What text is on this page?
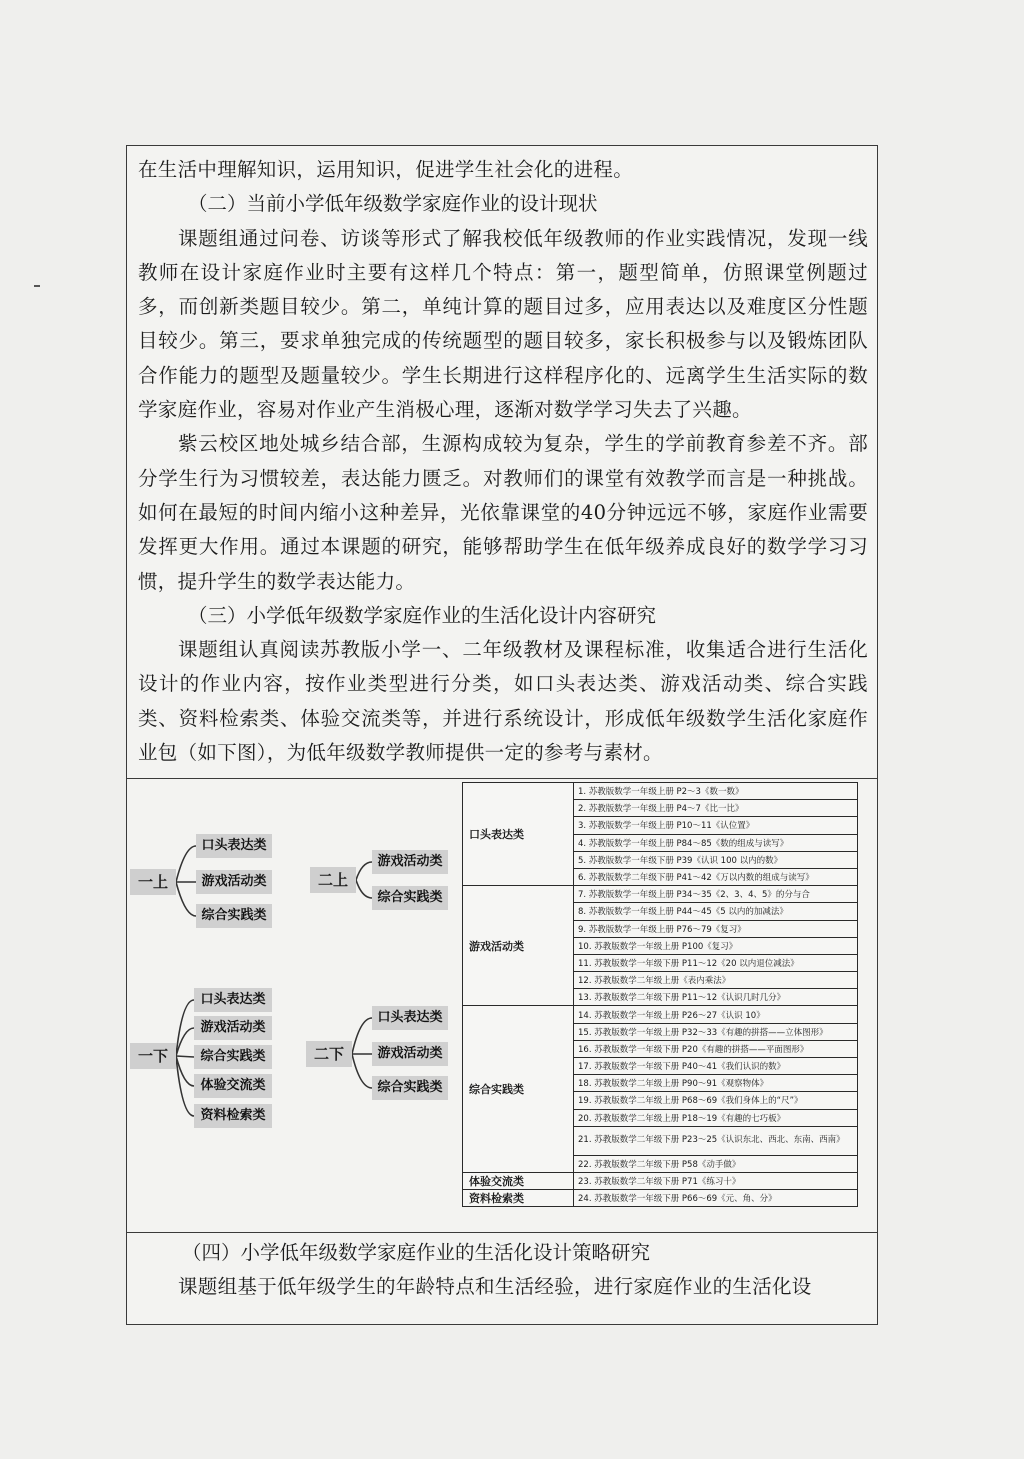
在生活中理解知识，运用知识，促进学生社会化的进程。

（二）当前小学低年级数学家庭作业的设计现状

课题组通过问卷、访谈等形式了解我校低年级教师的作业实践情况，发现一线教师在设计家庭作业时主要有这样几个特点：第一，题型简单，仿照课堂例题过多，而创新类题目较少。第二，单纯计算的题目过多，应用表达以及难度区分性题目较少。第三，要求单独完成的传统题型的题目较多，家长积极参与以及锻炼团队合作能力的题型及题量较少。学生长期进行这样程序化的、远离学生生活实际的数学家庭作业，容易对作业产生消极心理，逐渐对数学学习失去了兴趣。

紫云校区地处城乡结合部，生源构成较为复杂，学生的学前教育参差不齐。部分学生行为习惯较差，表达能力匮乏。对教师们的课堂有效教学而言是一种挑战。如何在最短的时间内缩小这种差异，光依靠课堂的40分钟远远不够，家庭作业需要发挥更大作用。通过本课题的研究，能够帮助学生在低年级养成良好的数学学习习惯，提升学生的数学表达能力。

（三）小学低年级数学家庭作业的生活化设计内容研究

课题组认真阅读苏教版小学一、二年级教材及课程标准，收集适合进行生活化设计的作业内容，按作业类型进行分类，如口头表达类、游戏活动类、综合实践类、资料检索类、体验交流类等，并进行系统设计，形成低年级数学生活化家庭作业包（如下图），为低年级数学教师提供一定的参考与素材。

一上
口头表达类
游戏活动类
综合实践类
二上
游戏活动类
综合实践类
一下
口头表达类
游戏活动类
综合实践类
体验交流类
资料检索类
二下
口头表达类
游戏活动类
综合实践类
口头表达类	1. 苏教版数学一年级上册 P2～3《数一数》
	2. 苏教版数学一年级上册 P4～7《比一比》
	3. 苏教版数学一年级上册 P10～11《认位置》
	4. 苏教版数学一年级上册 P84～85《数的组成与读写》
	5. 苏教版数学一年级下册 P39《认识 100 以内的数》
	6. 苏教版数学二年级下册 P41～42《万以内数的组成与读写》
游戏活动类	7. 苏教版数学一年级上册 P34～35《2、3、4、5》的分与合
	8. 苏教版数学一年级上册 P44～45《5 以内的加减法》
	9. 苏教版数学一年级上册 P76～79《复习》
	10. 苏教版数学一年级上册 P100《复习》
	11. 苏教版数学一年级下册 P11～12《20 以内退位减法》
	12. 苏教版数学二年级上册《表内乘法》
	13. 苏教版数学二年级下册 P11～12《认识几时几分》
综合实践类	14. 苏教版数学一年级上册 P26～27《认识 10》
	15. 苏教版数学一年级上册 P32～33《有趣的拼搭——立体图形》
	16. 苏教版数学一年级下册 P20《有趣的拼搭——平面图形》
	17. 苏教版数学一年级下册 P40～41《我们认识的数》
	18. 苏教版数学二年级上册 P90～91《观察物体》
	19. 苏教版数学二年级上册 P68～69《我们身体上的“尺”》
	20. 苏教版数学二年级上册 P18～19《有趣的七巧板》
	21. 苏教版数学二年级下册 P23～25《认识东北、西北、东南、西南》
	22. 苏教版数学二年级下册 P58《动手做》
体验交流类	23. 苏教版数学二年级下册 P71《练习十》
资料检索类	24. 苏教版数学一年级下册 P66～69《元、角、分》

（四）小学低年级数学家庭作业的生活化设计策略研究

课题组基于低年级学生的年龄特点和生活经验，进行家庭作业的生活化设
